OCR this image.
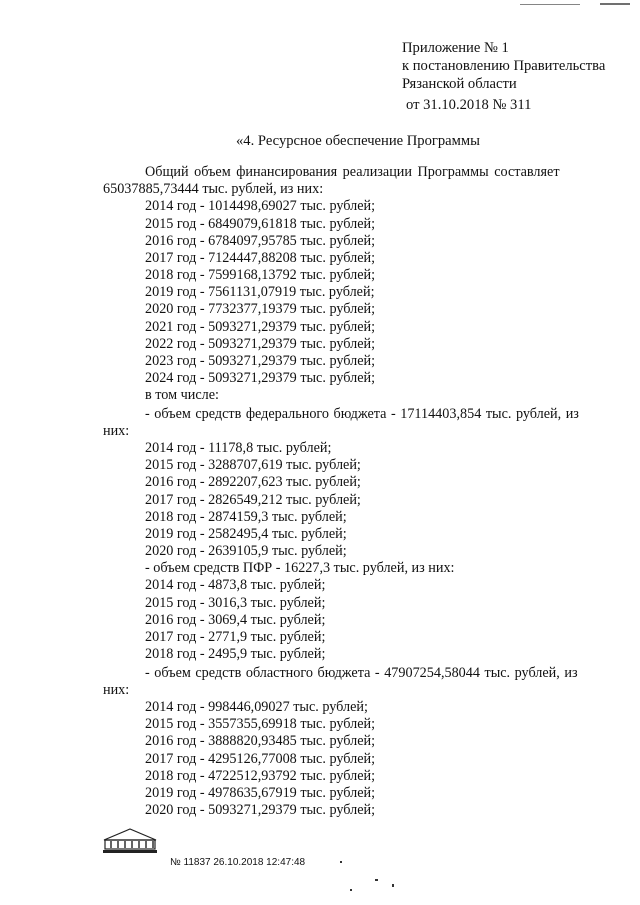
Приложение № 1
к постановлению Правительства
Рязанской области
от 31.10.2018 № 311
«4. Ресурсное обеспечение Программы
Общий объем финансирования реализации Программы составляет
65037885,73444 тыс. рублей, из них:
2014 год - 1014498,69027 тыс. рублей;
2015 год - 6849079,61818 тыс. рублей;
2016 год - 6784097,95785 тыс. рублей;
2017 год - 7124447,88208 тыс. рублей;
2018 год - 7599168,13792 тыс. рублей;
2019 год - 7561131,07919 тыс. рублей;
2020 год - 7732377,19379 тыс. рублей;
2021 год - 5093271,29379 тыс. рублей;
2022 год - 5093271,29379 тыс. рублей;
2023 год - 5093271,29379 тыс. рублей;
2024 год - 5093271,29379 тыс. рублей;
в том числе:
- объем средств федерального бюджета - 17114403,854 тыс. рублей, из
них:
2014 год - 11178,8 тыс. рублей;
2015 год - 3288707,619 тыс. рублей;
2016 год - 2892207,623 тыс. рублей;
2017 год - 2826549,212 тыс. рублей;
2018 год - 2874159,3 тыс. рублей;
2019 год - 2582495,4 тыс. рублей;
2020 год - 2639105,9 тыс. рублей;
- объем средств ПФР - 16227,3 тыс. рублей, из них:
2014 год - 4873,8 тыс. рублей;
2015 год - 3016,3 тыс. рублей;
2016 год - 3069,4 тыс. рублей;
2017 год - 2771,9 тыс. рублей;
2018 год - 2495,9 тыс. рублей;
- объем средств областного бюджета - 47907254,58044 тыс. рублей, из
них:
2014 год - 998446,09027 тыс. рублей;
2015 год - 3557355,69918 тыс. рублей;
2016 год - 3888820,93485 тыс. рублей;
2017 год - 4295126,77008 тыс. рублей;
2018 год - 4722512,93792 тыс. рублей;
2019 год - 4978635,67919 тыс. рублей;
2020 год - 5093271,29379 тыс. рублей;
№ 11837 26.10.2018 12:47:48
